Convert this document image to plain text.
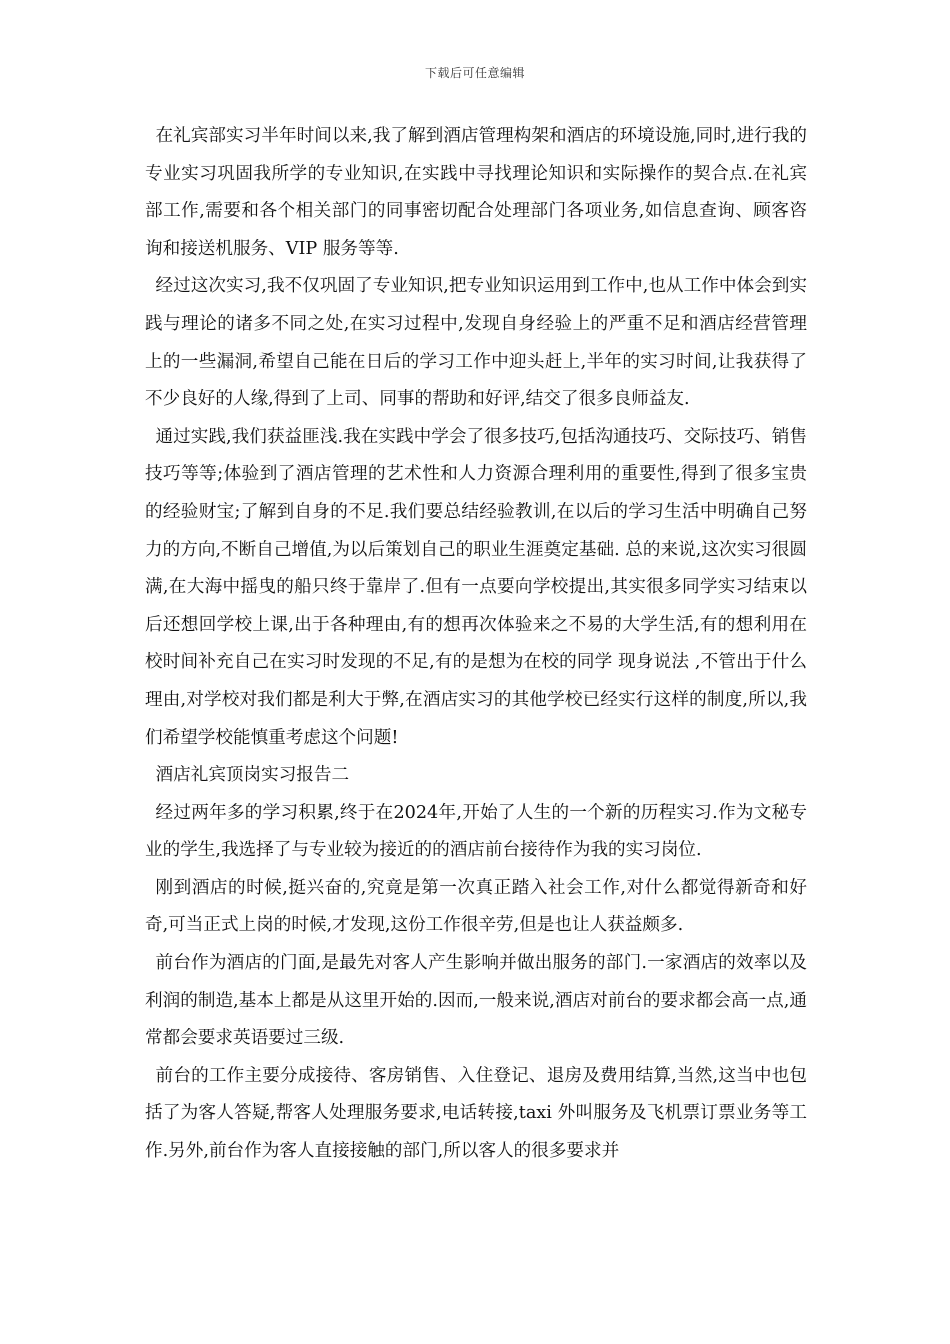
下载后可任意编辑

在礼宾部实习半年时间以来,我了解到酒店管理构架和酒店的环境设施,同时,进行我的专业实习巩固我所学的专业知识,在实践中寻找理论知识和实际操作的契合点.在礼宾部工作,需要和各个相关部门的同事密切配合处理部门各项业务,如信息查询、顾客咨询和接送机服务、VIP 服务等等.

经过这次实习,我不仅巩固了专业知识,把专业知识运用到工作中,也从工作中体会到实践与理论的诸多不同之处,在实习过程中,发现自身经验上的严重不足和酒店经营管理上的一些漏洞,希望自己能在日后的学习工作中迎头赶上,半年的实习时间,让我获得了不少良好的人缘,得到了上司、同事的帮助和好评,结交了很多良师益友.

通过实践,我们获益匪浅.我在实践中学会了很多技巧,包括沟通技巧、交际技巧、销售技巧等等;体验到了酒店管理的艺术性和人力资源合理利用的重要性,得到了很多宝贵的经验财宝;了解到自身的不足.我们要总结经验教训,在以后的学习生活中明确自己努力的方向,不断自己增值,为以后策划自己的职业生涯奠定基础. 总的来说,这次实习很圆满,在大海中摇曳的船只终于靠岸了.但有一点要向学校提出,其实很多同学实习结束以后还想回学校上课,出于各种理由,有的想再次体验来之不易的大学生活,有的想利用在校时间补充自己在实习时发现的不足,有的是想为在校的同学 现身说法 ,不管出于什么理由,对学校对我们都是利大于弊,在酒店实习的其他学校已经实行这样的制度,所以,我们希望学校能慎重考虑这个问题!

酒店礼宾顶岗实习报告二

经过两年多的学习积累,终于在2024年,开始了人生的一个新的历程实习.作为文秘专业的学生,我选择了与专业较为接近的的酒店前台接待作为我的实习岗位.

刚到酒店的时候,挺兴奋的,究竟是第一次真正踏入社会工作,对什么都觉得新奇和好奇,可当正式上岗的时候,才发现,这份工作很辛劳,但是也让人获益颇多.

前台作为酒店的门面,是最先对客人产生影响并做出服务的部门.一家酒店的效率以及利润的制造,基本上都是从这里开始的.因而,一般来说,酒店对前台的要求都会高一点,通常都会要求英语要过三级.

前台的工作主要分成接待、客房销售、入住登记、退房及费用结算,当然,这当中也包括了为客人答疑,帮客人处理服务要求,电话转接,taxi 外叫服务及飞机票订票业务等工作.另外,前台作为客人直接接触的部门,所以客人的很多要求并
